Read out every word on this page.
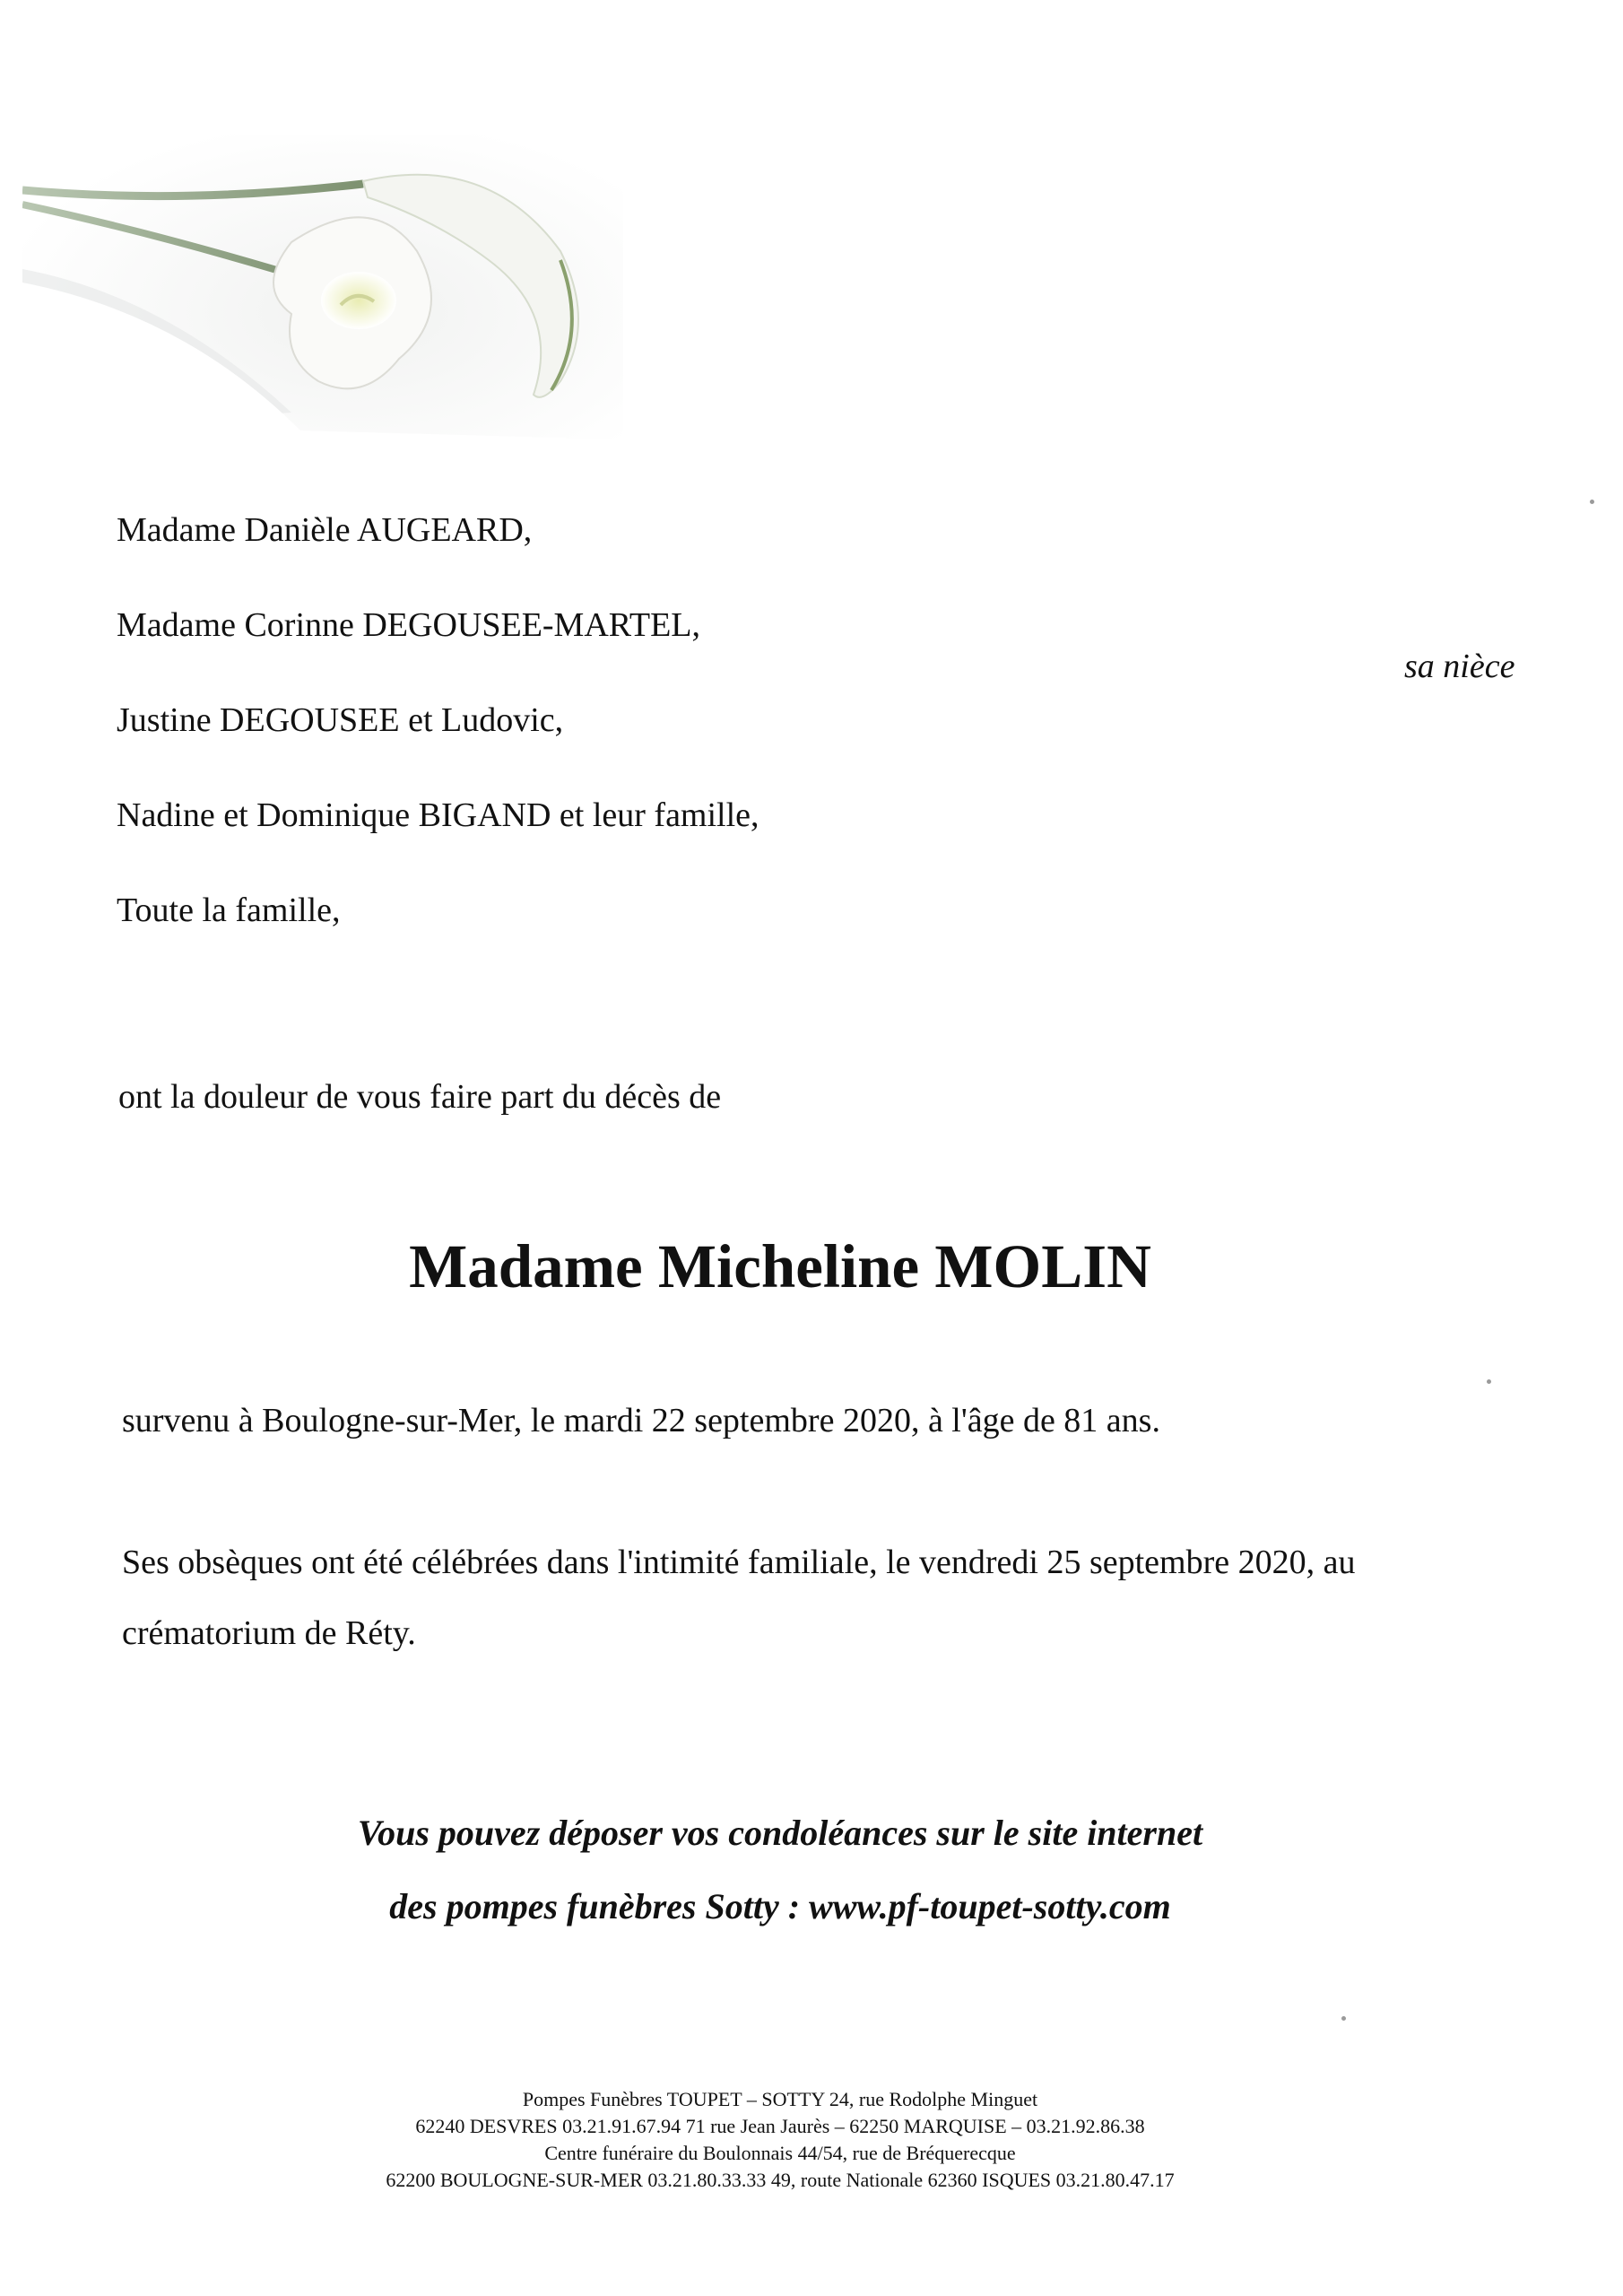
Madame Danièle AUGEARD,
Madame Corinne DEGOUSEE-MARTEL,
sa nièce
Justine DEGOUSEE et Ludovic,
Nadine et Dominique BIGAND et leur famille,
Toute la famille,
ont la douleur de vous faire part du décès de
Madame Micheline MOLIN
survenu à Boulogne-sur-Mer, le mardi 22 septembre 2020, à l'âge de 81 ans.
Ses obsèques ont été célébrées dans l'intimité familiale, le vendredi 25 septembre 2020, au
crématorium de Réty.
Vous pouvez déposer vos condoléances sur le site internet
des pompes funèbres Sotty : www.pf-toupet-sotty.com
Pompes Funèbres TOUPET – SOTTY 24, rue Rodolphe Minguet
62240 DESVRES 03.21.91.67.94 71 rue Jean Jaurès – 62250 MARQUISE – 03.21.92.86.38
Centre funéraire du Boulonnais 44/54, rue de Bréquerecque
62200 BOULOGNE-SUR-MER 03.21.80.33.33 49, route Nationale 62360 ISQUES 03.21.80.47.17
